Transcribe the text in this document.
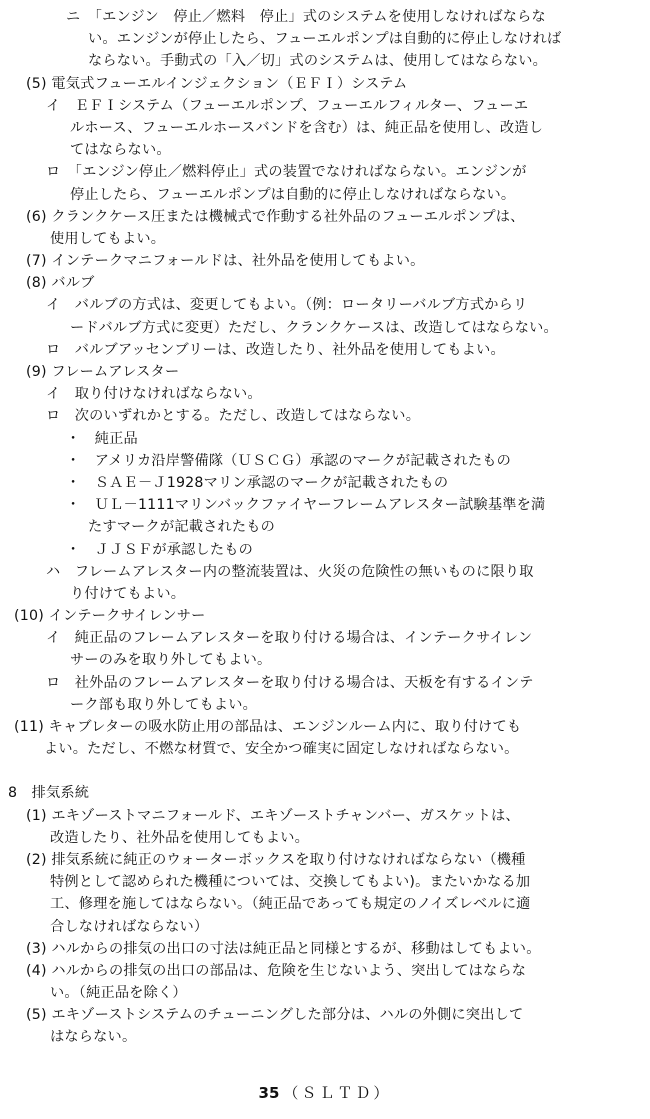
ニ　「エンジン　停止／燃料　停止」式のシステムを使用しなければならな
い。エンジンが停止したら、フューエルポンプは自動的に停止しなければ
ならない。手動式の「入／切」式のシステムは、使用してはならない。
(5) 電気式フューエルインジェクション（ＥＦＩ）システム
イ　ＥＦＩシステム（フューエルポンプ、フューエルフィルター、フューエ
ルホース、フューエルホースバンドを含む）は、純正品を使用し、改造し
てはならない。
ロ　「エンジン停止／燃料停止」式の装置でなければならない。エンジンが
停止したら、フューエルポンプは自動的に停止しなければならない。
(6) クランクケース圧または機械式で作動する社外品のフューエルポンプは、
使用してもよい。
(7) インテークマニフォールドは、社外品を使用してもよい。
(8) バルブ
イ　バルブの方式は、変更してもよい。（例：ロータリーバルブ方式からリ
ードバルブ方式に変更）ただし、クランクケースは、改造してはならない。
ロ　バルブアッセンブリーは、改造したり、社外品を使用してもよい。
(9) フレームアレスター
イ　取り付けなければならない。
ロ　次のいずれかとする。ただし、改造してはならない。
・　純正品
・　アメリカ沿岸警備隊（ＵＳＣＧ）承認のマークが記載されたもの
・　ＳＡＥ－Ｊ1928マリン承認のマークが記載されたもの
・　ＵＬ－1111マリンバックファイヤーフレームアレスター試験基準を満
たすマークが記載されたもの
・　ＪＪＳＦが承認したもの
ハ　フレームアレスター内の整流装置は、火災の危険性の無いものに限り取
り付けてもよい。
(10) インテークサイレンサー
イ　純正品のフレームアレスターを取り付ける場合は、インテークサイレン
サーのみを取り外してもよい。
ロ　社外品のフレームアレスターを取り付ける場合は、天板を有するインテ
ーク部も取り外してもよい。
(11) キャブレターの吸水防止用の部品は、エンジンルーム内に、取り付けても
よい。ただし、不燃な材質で、安全かつ確実に固定しなければならない。
8　排気系統
(1) エキゾーストマニフォールド、エキゾーストチャンバー、ガスケットは、
改造したり、社外品を使用してもよい。
(2) 排気系統に純正のウォーターボックスを取り付けなければならない（機種
特例として認められた機種については、交換してもよい)。またいかなる加
工、修理を施してはならない。（純正品であっても規定のノイズレベルに適
合しなければならない）
(3) ハルからの排気の出口の寸法は純正品と同様とするが、移動はしてもよい。
(4) ハルからの排気の出口の部品は、危険を生じないよう、突出してはならな
い。（純正品を除く）
(5) エキゾーストシステムのチューニングした部分は、ハルの外側に突出して
はならない。
35 （ＳＬＴＤ）
